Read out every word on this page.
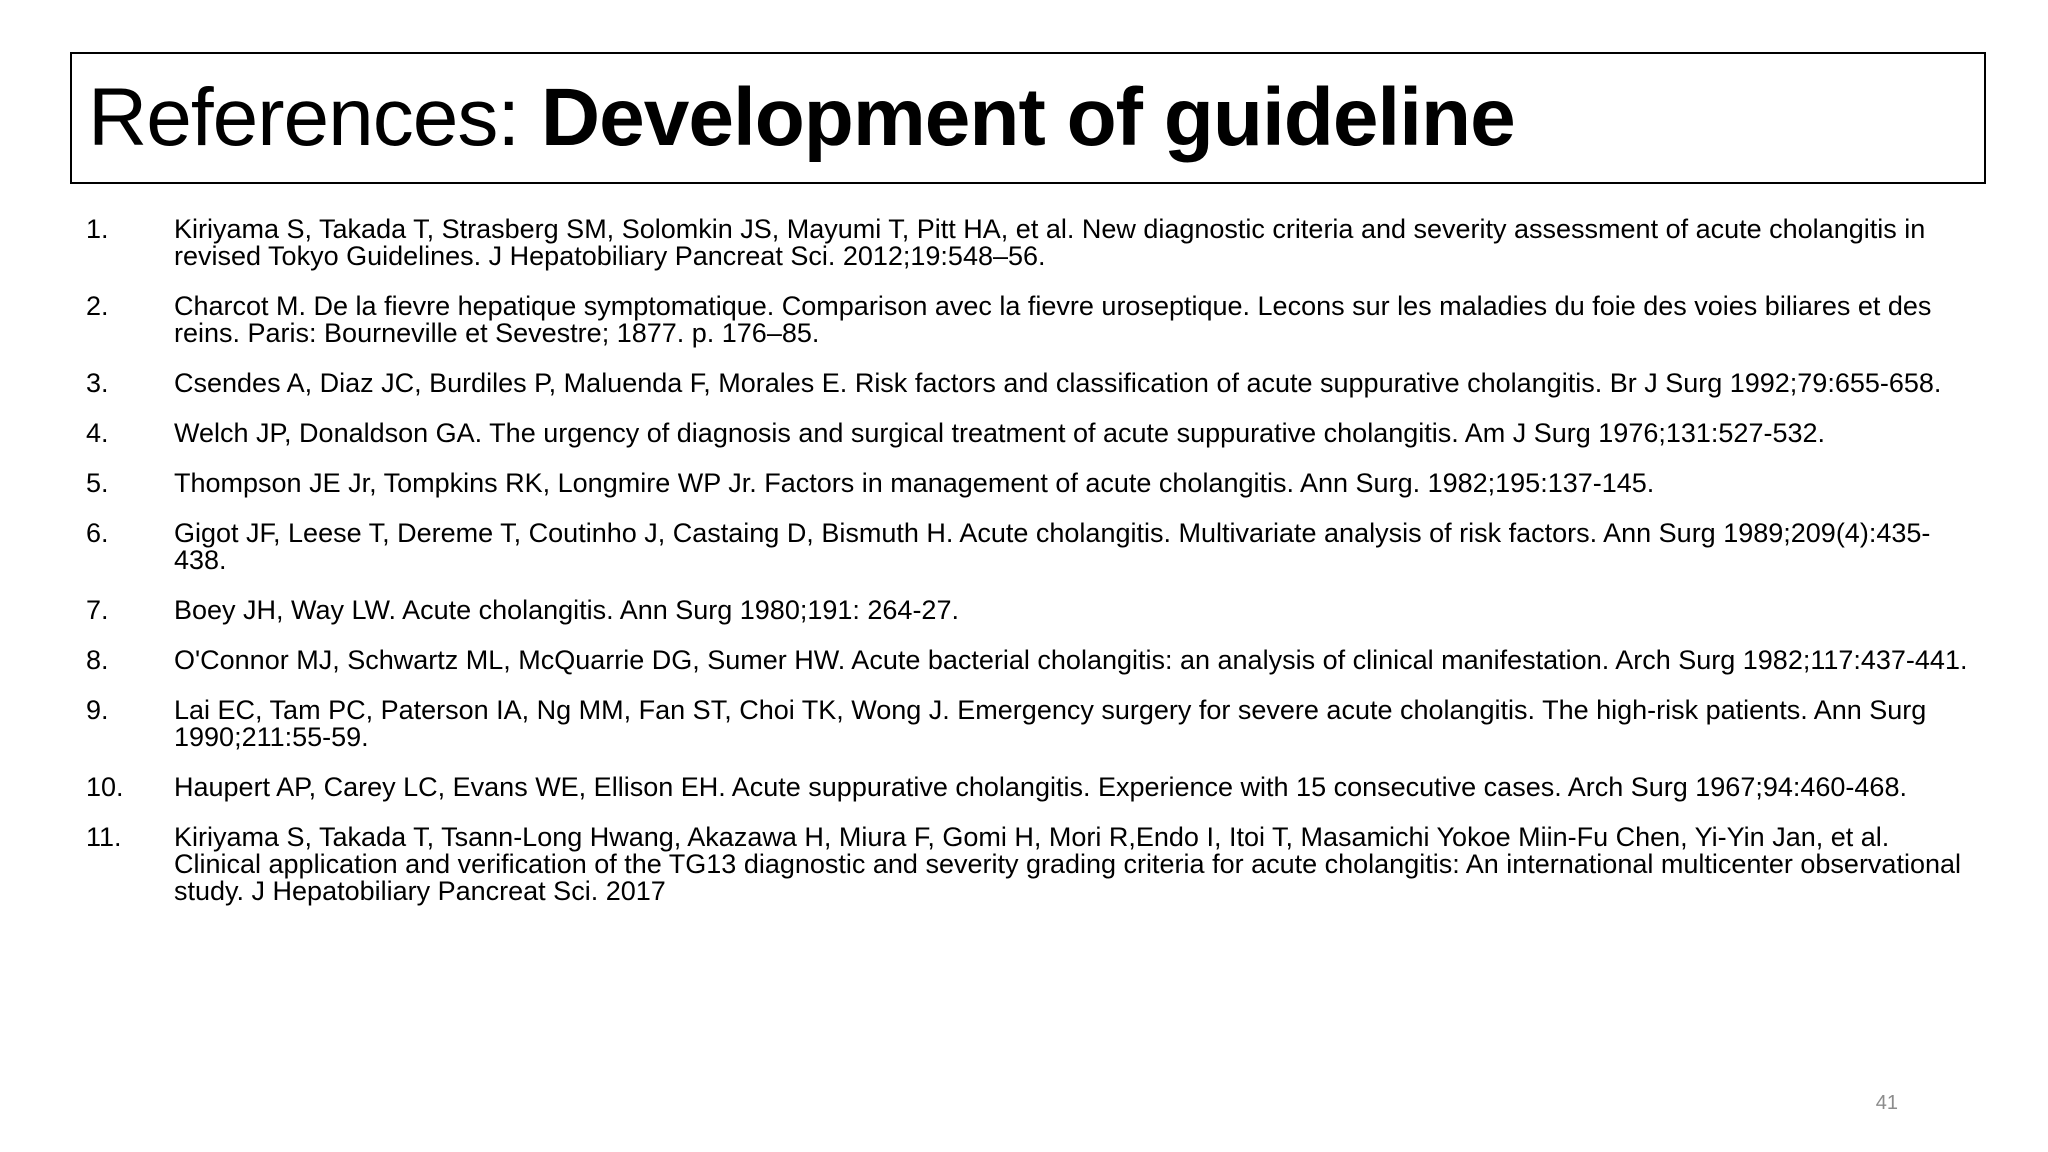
References: Development of guideline
1.	Kiriyama S, Takada T, Strasberg SM, Solomkin JS, Mayumi T, Pitt HA, et al. New diagnostic criteria and severity assessment of acute cholangitis in revised Tokyo Guidelines. J Hepatobiliary Pancreat Sci. 2012;19:548–56.
2.	Charcot M. De la fievre hepatique symptomatique. Comparison avec la fievre uroseptique. Lecons sur les maladies du foie des voies biliares et des reins. Paris: Bourneville et Sevestre; 1877. p. 176–85.
3.	Csendes A, Diaz JC, Burdiles P, Maluenda F, Morales E. Risk factors and classification of acute suppurative cholangitis. Br J Surg 1992;79:655-658.
4.	Welch JP, Donaldson GA. The urgency of diagnosis and surgical treatment of acute suppurative cholangitis. Am J Surg 1976;131:527-532.
5.	Thompson JE Jr, Tompkins RK, Longmire WP Jr. Factors in management of acute cholangitis. Ann Surg. 1982;195:137-145.
6.	Gigot JF, Leese T, Dereme T, Coutinho J, Castaing D, Bismuth H. Acute cholangitis. Multivariate analysis of risk factors. Ann Surg 1989;209(4):435-438.
7.	Boey JH, Way LW. Acute cholangitis. Ann Surg 1980;191: 264-27.
8.	O'Connor MJ, Schwartz ML, McQuarrie DG, Sumer HW. Acute bacterial cholangitis: an analysis of clinical manifestation. Arch Surg 1982;117:437-441.
9.	Lai EC, Tam PC, Paterson IA, Ng MM, Fan ST, Choi TK, Wong J. Emergency surgery for severe acute cholangitis. The high-risk patients. Ann Surg 1990;211:55-59.
10.	Haupert AP, Carey LC, Evans WE, Ellison EH. Acute suppurative cholangitis. Experience with 15 consecutive cases. Arch Surg 1967;94:460-468.
11.	Kiriyama S, Takada T, Tsann-Long Hwang, Akazawa H, Miura F, Gomi H, Mori R,Endo I, Itoi T, Masamichi Yokoe Miin-Fu Chen, Yi-Yin Jan, et al. Clinical application and verification of the TG13 diagnostic and severity grading criteria for acute cholangitis: An international multicenter observational study. J Hepatobiliary Pancreat Sci. 2017
41
